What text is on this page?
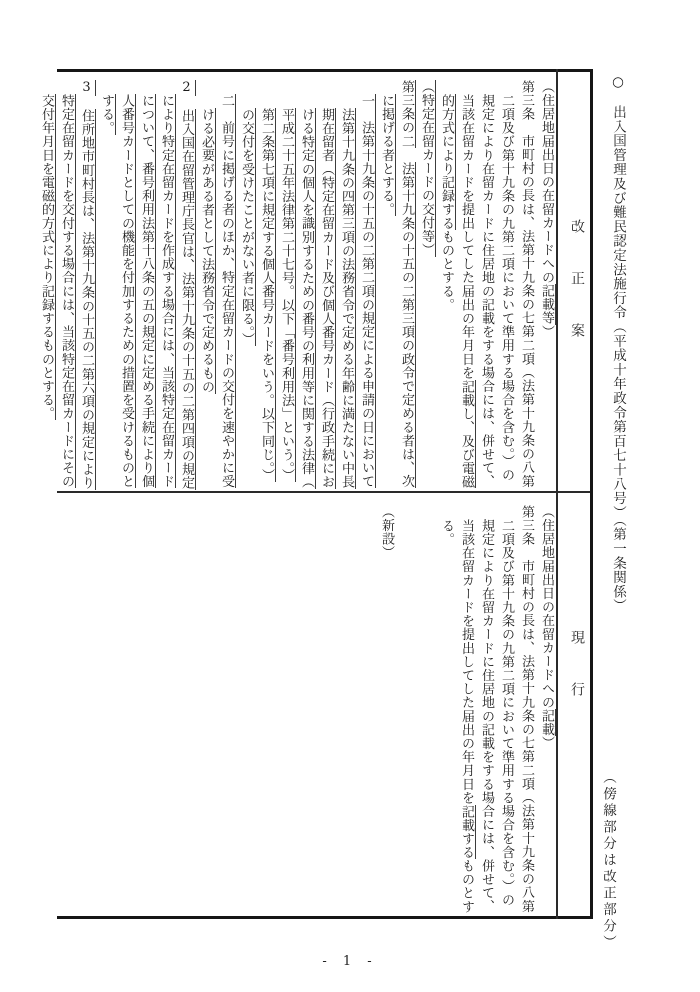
○　出入国管理及び難民認定法施行令（平成十年政令第百七十八号）（第一条関係）
（傍線部分は改正部分）
改正案
現行
（住居地届出日の在留カードへの記載等）
第三条　市町村の長は、法第十九条の七第二項（法第十九条の八第
二項及び第十九条の九第二項において準用する場合を含む。）の
規定により在留カードに住居地の記載をする場合には、併せて、
当該在留カードを提出してした届出の年月日を記載し、及び電磁
的方式により記録するものとする。
（特定在留カードの交付等）
第三条の二　法第十九条の十五の二第三項の政令で定める者は、次
に掲げる者とする。
一　法第十九条の十五の二第二項の規定による申請の日において
法第十九条の四第三項の法務省令で定める年齢に満たない中長
期在留者（特定在留カード及び個人番号カード（行政手続にお
ける特定の個人を識別するための番号の利用等に関する法律（
平成二十五年法律第二十七号。以下「番号利用法」という。）
第二条第七項に規定する個人番号カードをいう。以下同じ。）
の交付を受けたことがない者に限る。）
二　前号に掲げる者のほか、特定在留カードの交付を速やかに受
ける必要がある者として法務省令で定めるもの
2　出入国在留管理庁長官は、法第十九条の十五の二第四項の規定
により特定在留カードを作成する場合には、当該特定在留カード
について、番号利用法第十八条の五の規定に定める手続により個
人番号カードとしての機能を付加するための措置を受けるものと
する。
3　住所地市町村長は、法第十九条の十五の二第六項の規定により
特定在留カードを交付する場合には、当該特定在留カードにその
交付年月日を電磁的方式により記録するものとする。
（住居地届出日の在留カードへの記載）
第三条　市町村の長は、法第十九条の七第二項（法第十九条の八第
二項及び第十九条の九第二項において準用する場合を含む。）の
規定により在留カードに住居地の記載をする場合には、併せて、
当該在留カードを提出してした届出の年月日を記載するものとす
る。

（新設）
- 1 -
